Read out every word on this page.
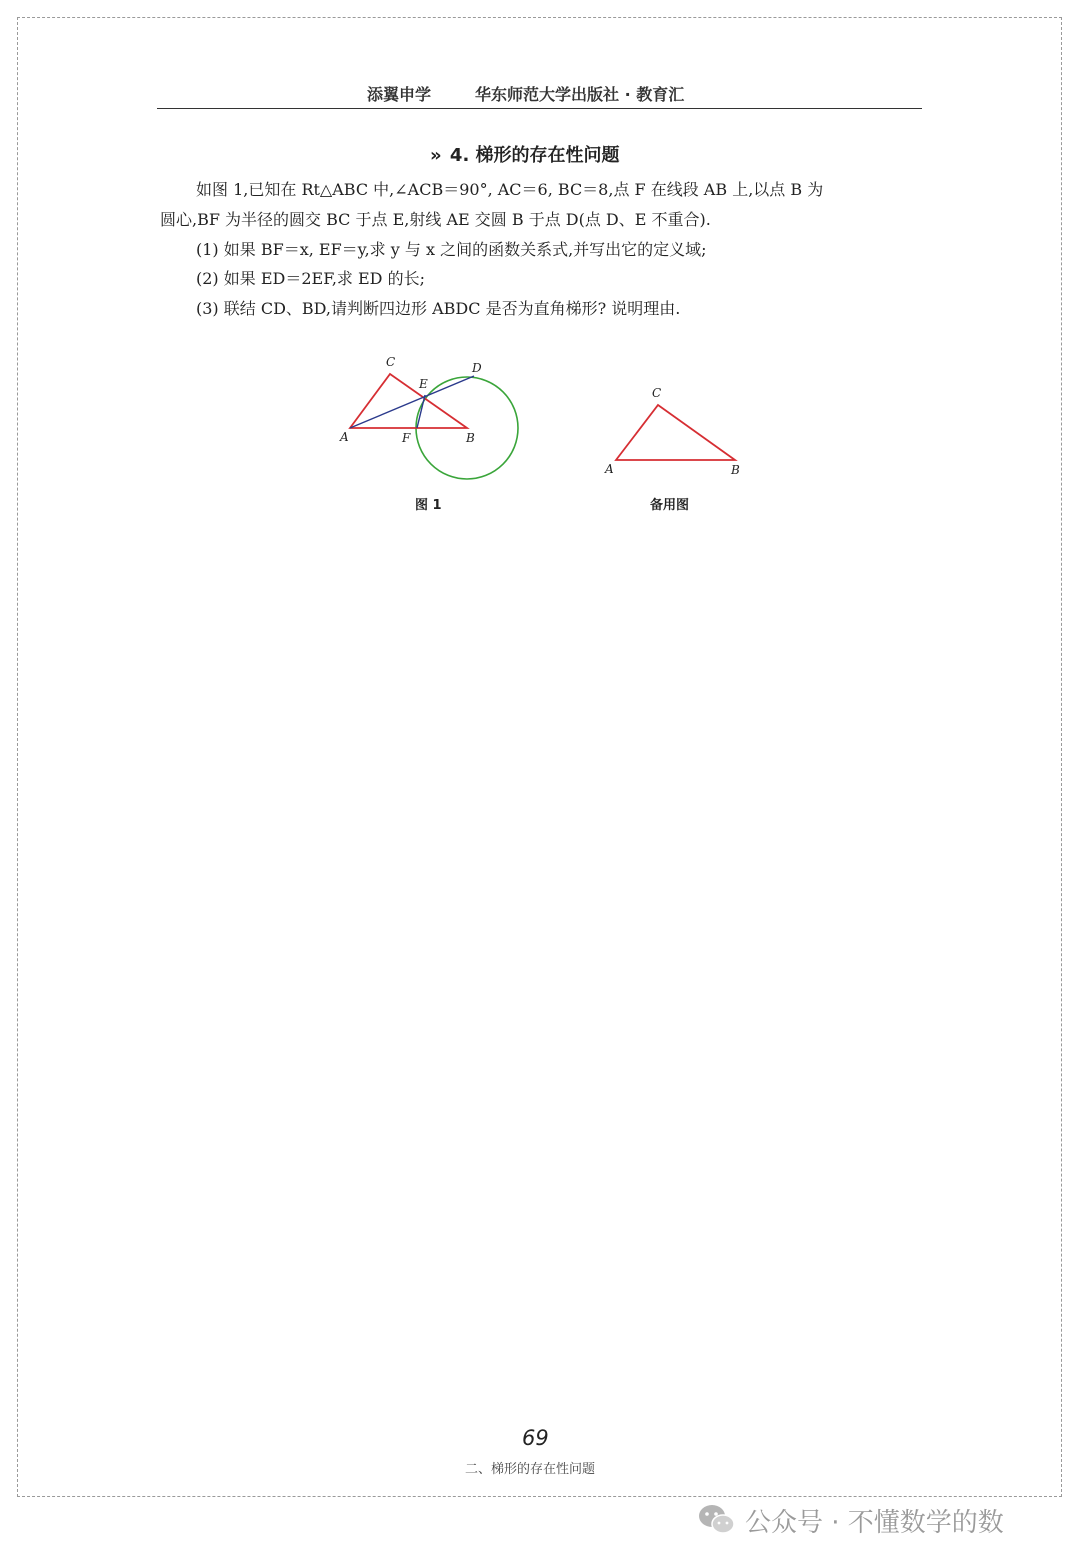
添翼申学	华东师范大学出版社 · 教育汇
» 4. 梯形的存在性问题
如图 1,已知在 Rt△ABC 中,∠ACB＝90°, AC＝6, BC＝8,点 F 在线段 AB 上,以点 B 为
圆心,BF 为半径的圆交 BC 于点 E,射线 AE 交圆 B 于点 D(点 D、E 不重合).
(1) 如果 BF＝x, EF＝y,求 y 与 x 之间的函数关系式,并写出它的定义域;
(2) 如果 ED＝2EF,求 ED 的长;
(3) 联结 CD、BD,请判断四边形 ABDC 是否为直角梯形? 说明理由.
C
E
D
A	F	B
图 1
C
A	B
备用图
69
二、梯形的存在性问题
公众号 · 不懂数学的数
